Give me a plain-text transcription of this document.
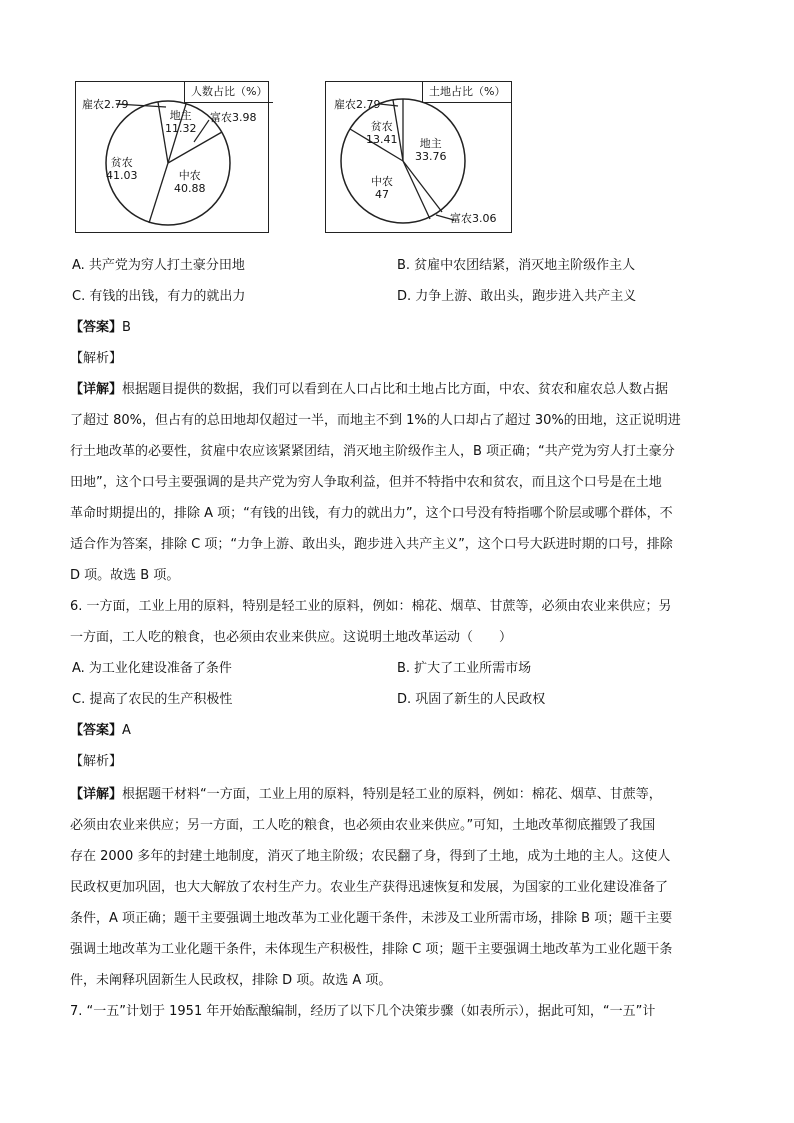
人数占比（%）
雇农2.79
地主
11.32
富农3.98
贫农
41.03	中农
40.88
土地占比（%）
雇农2.79
贫农
13.41	地主
33.76
中农
47
富农3.06
A. 共产党为穷人打土豪分田地	B. 贫雇中农团结紧，消灭地主阶级作主人
C. 有钱的出钱，有力的就出力	D. 力争上游、敢出头，跑步进入共产主义
【答案】B
【解析】
【详解】根据题目提供的数据，我们可以看到在人口占比和土地占比方面，中农、贫农和雇农总人数占据
了超过 80%，但占有的总田地却仅超过一半，而地主不到 1%的人口却占了超过 30%的田地，这正说明进
行土地改革的必要性，贫雇中农应该紧紧团结，消灭地主阶级作主人，B 项正确；“共产党为穷人打土豪分
田地”，这个口号主要强调的是共产党为穷人争取利益，但并不特指中农和贫农，而且这个口号是在土地
革命时期提出的，排除 A 项；“有钱的出钱，有力的就出力”，这个口号没有特指哪个阶层或哪个群体，不
适合作为答案，排除 C 项；“力争上游、敢出头，跑步进入共产主义”，这个口号大跃进时期的口号，排除
D 项。故选 B 项。
6. 一方面，工业上用的原料，特别是轻工业的原料，例如：棉花、烟草、甘蔗等，必须由农业来供应；另
一方面，工人吃的粮食，也必须由农业来供应。这说明土地改革运动（　　）
A. 为工业化建设准备了条件	B. 扩大了工业所需市场
C. 提高了农民的生产积极性	D. 巩固了新生的人民政权
【答案】A
【解析】
【详解】根据题干材料“一方面，工业上用的原料，特别是轻工业的原料，例如：棉花、烟草、甘蔗等，
必须由农业来供应；另一方面，工人吃的粮食，也必须由农业来供应。”可知，土地改革彻底摧毁了我国
存在 2000 多年的封建土地制度，消灭了地主阶级；农民翻了身，得到了土地，成为土地的主人。这使人
民政权更加巩固，也大大解放了农村生产力。农业生产获得迅速恢复和发展，为国家的工业化建设准备了
条件，A 项正确；题干主要强调土地改革为工业化题干条件，未涉及工业所需市场，排除 B 项；题干主要
强调土地改革为工业化题干条件，未体现生产积极性，排除 C 项；题干主要强调土地改革为工业化题干条
件，未阐释巩固新生人民政权，排除 D 项。故选 A 项。
7. “一五”计划于 1951 年开始酝酿编制，经历了以下几个决策步骤（如表所示），据此可知，“一五”计
